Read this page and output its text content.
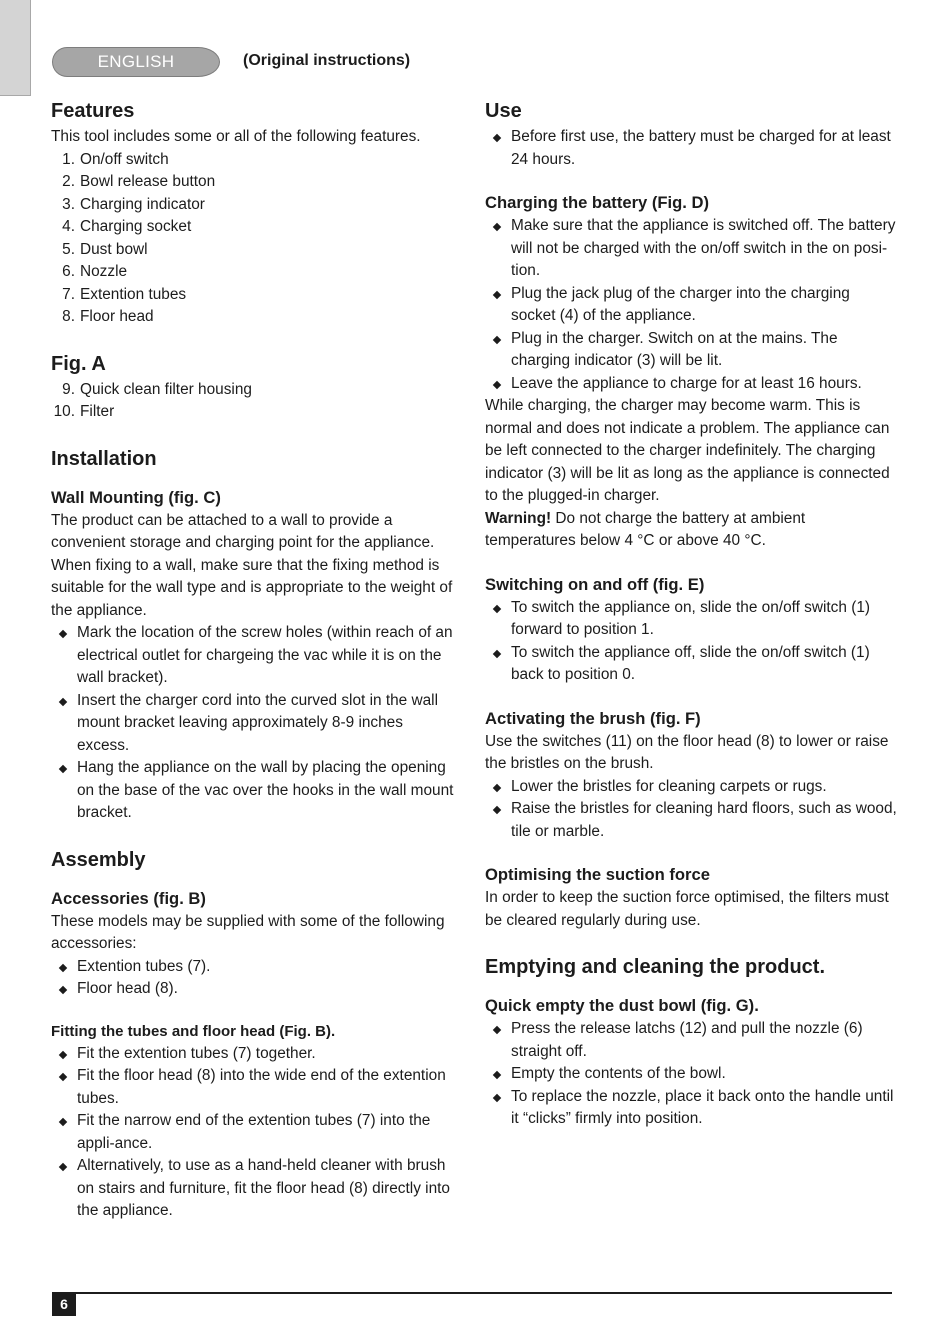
ENGLISH	(Original instructions)
Features

This tool includes some or all of the following features.

1. On/off switch
2. Bowl release button
3. Charging indicator
4. Charging socket
5. Dust bowl
6. Nozzle
7. Extention tubes
8. Floor head
Fig. A
9. Quick clean filter housing
10. Filter
Installation
Wall Mounting (fig. C)

The product can be attached to a wall to provide a convenient storage and charging point for the appliance.

When fixing to a wall, make sure that the fixing method is suitable for the wall type and is appropriate to the weight of the appliance.

Mark the location of the screw holes (within reach of an electrical outlet for chargeing the vac while it is on the wall bracket).
Insert the charger cord into the curved slot in the wall mount bracket leaving approximately 8-9 inches excess.
Hang the appliance on the wall by placing the opening on the base of the vac over the hooks in the wall mount bracket.
Assembly
Accessories (fig. B)

These models may be supplied with some of the following accessories:

Extention tubes (7).
Floor head (8).
Fitting the tubes and floor head (Fig. B).
Fit the extention tubes (7) together.
Fit the floor head (8) into the wide end of the extention tubes.
Fit the narrow end of the extention tubes (7) into the appli-ance.
Alternatively, to use as a hand-held cleaner with brush on stairs and furniture, fit the floor head (8) directly into the appliance.
Use
Before first use, the battery must be charged for at least 24 hours.
Charging the battery (Fig. D)
Make sure that the appliance is switched off. The battery will not be charged with the on/off switch in the on posi-tion.
Plug the jack plug of the charger into the charging socket (4) of the appliance.
Plug in the charger. Switch on at the mains. The charging indicator (3) will be lit.
Leave the appliance to charge for at least 16 hours.

While charging, the charger may become warm. This is normal and does not indicate a problem. The appliance can be left connected to the charger indefinitely. The charging indicator (3) will be lit as long as the appliance is connected to the plugged-in charger.

Warning! Do not charge the battery at ambient temperatures below 4 °C or above 40 °C.

Switching on and off (fig. E)
To switch the appliance on, slide the on/off switch (1) forward to position 1.
To switch the appliance off, slide the on/off switch (1) back to position 0.
Activating the brush (fig. F)

Use the switches (11) on the floor head (8) to lower or raise the bristles on the brush.

Lower the bristles for cleaning carpets or rugs.
Raise the bristles for cleaning hard floors, such as wood, tile or marble.
Optimising the suction force

In order to keep the suction force optimised, the filters must be cleared regularly during use.

Emptying and cleaning the product.
Quick empty the dust bowl (fig. G).
Press the release latchs (12) and pull the nozzle (6) straight off.
Empty the contents of the bowl.
To replace the nozzle, place it back onto the handle until it “clicks” firmly into position.
6
